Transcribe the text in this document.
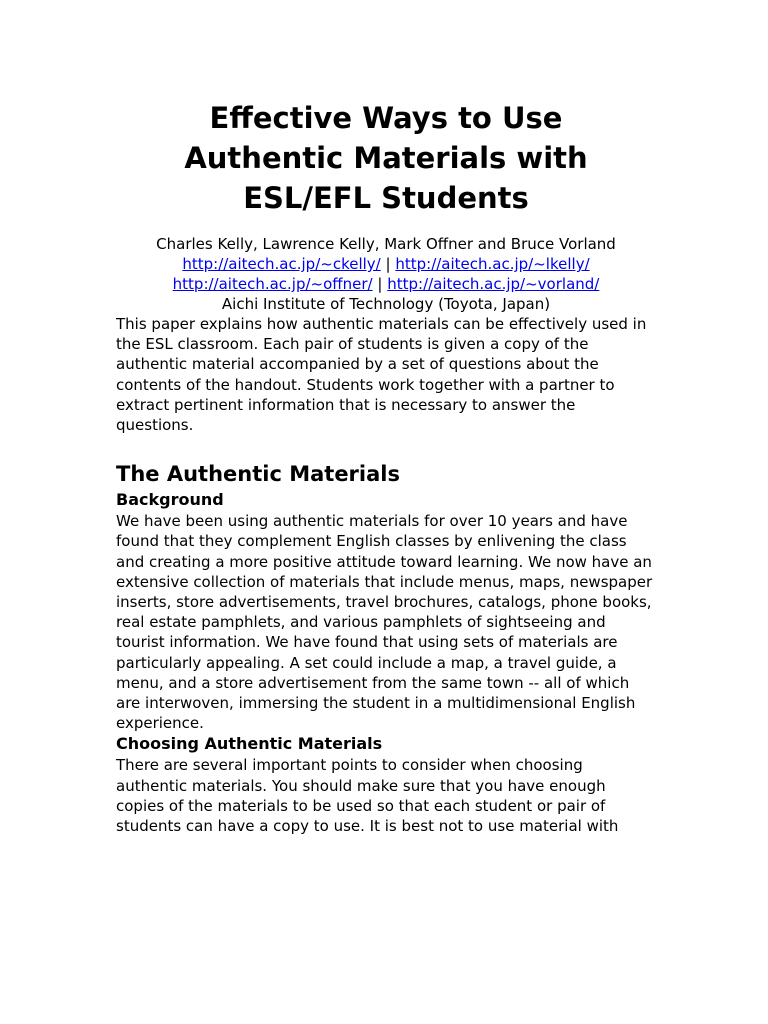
Effective Ways to Use
Authentic Materials with
ESL/EFL Students
Charles Kelly, Lawrence Kelly, Mark Offner and Bruce Vorland
http://aitech.ac.jp/~ckelly/ | http://aitech.ac.jp/~lkelly/
http://aitech.ac.jp/~offner/ | http://aitech.ac.jp/~vorland/
Aichi Institute of Technology (Toyota, Japan)

This paper explains how authentic materials can be effectively used in the ESL classroom. Each pair of students is given a copy of the authentic material accompanied by a set of questions about the contents of the handout. Students work together with a partner to extract pertinent information that is necessary to answer the questions.

The Authentic Materials
Background

We have been using authentic materials for over 10 years and have found that they complement English classes by enlivening the class and creating a more positive attitude toward learning. We now have an extensive collection of materials that include menus, maps, newspaper inserts, store advertisements, travel brochures, catalogs, phone books, real estate pamphlets, and various pamphlets of sightseeing and tourist information. We have found that using sets of materials are particularly appealing. A set could include a map, a travel guide, a menu, and a store advertisement from the same town -- all of which are interwoven, immersing the student in a multidimensional English experience.

Choosing Authentic Materials

There are several important points to consider when choosing authentic materials. You should make sure that you have enough copies of the materials to be used so that each student or pair of students can have a copy to use. It is best not to use material with
